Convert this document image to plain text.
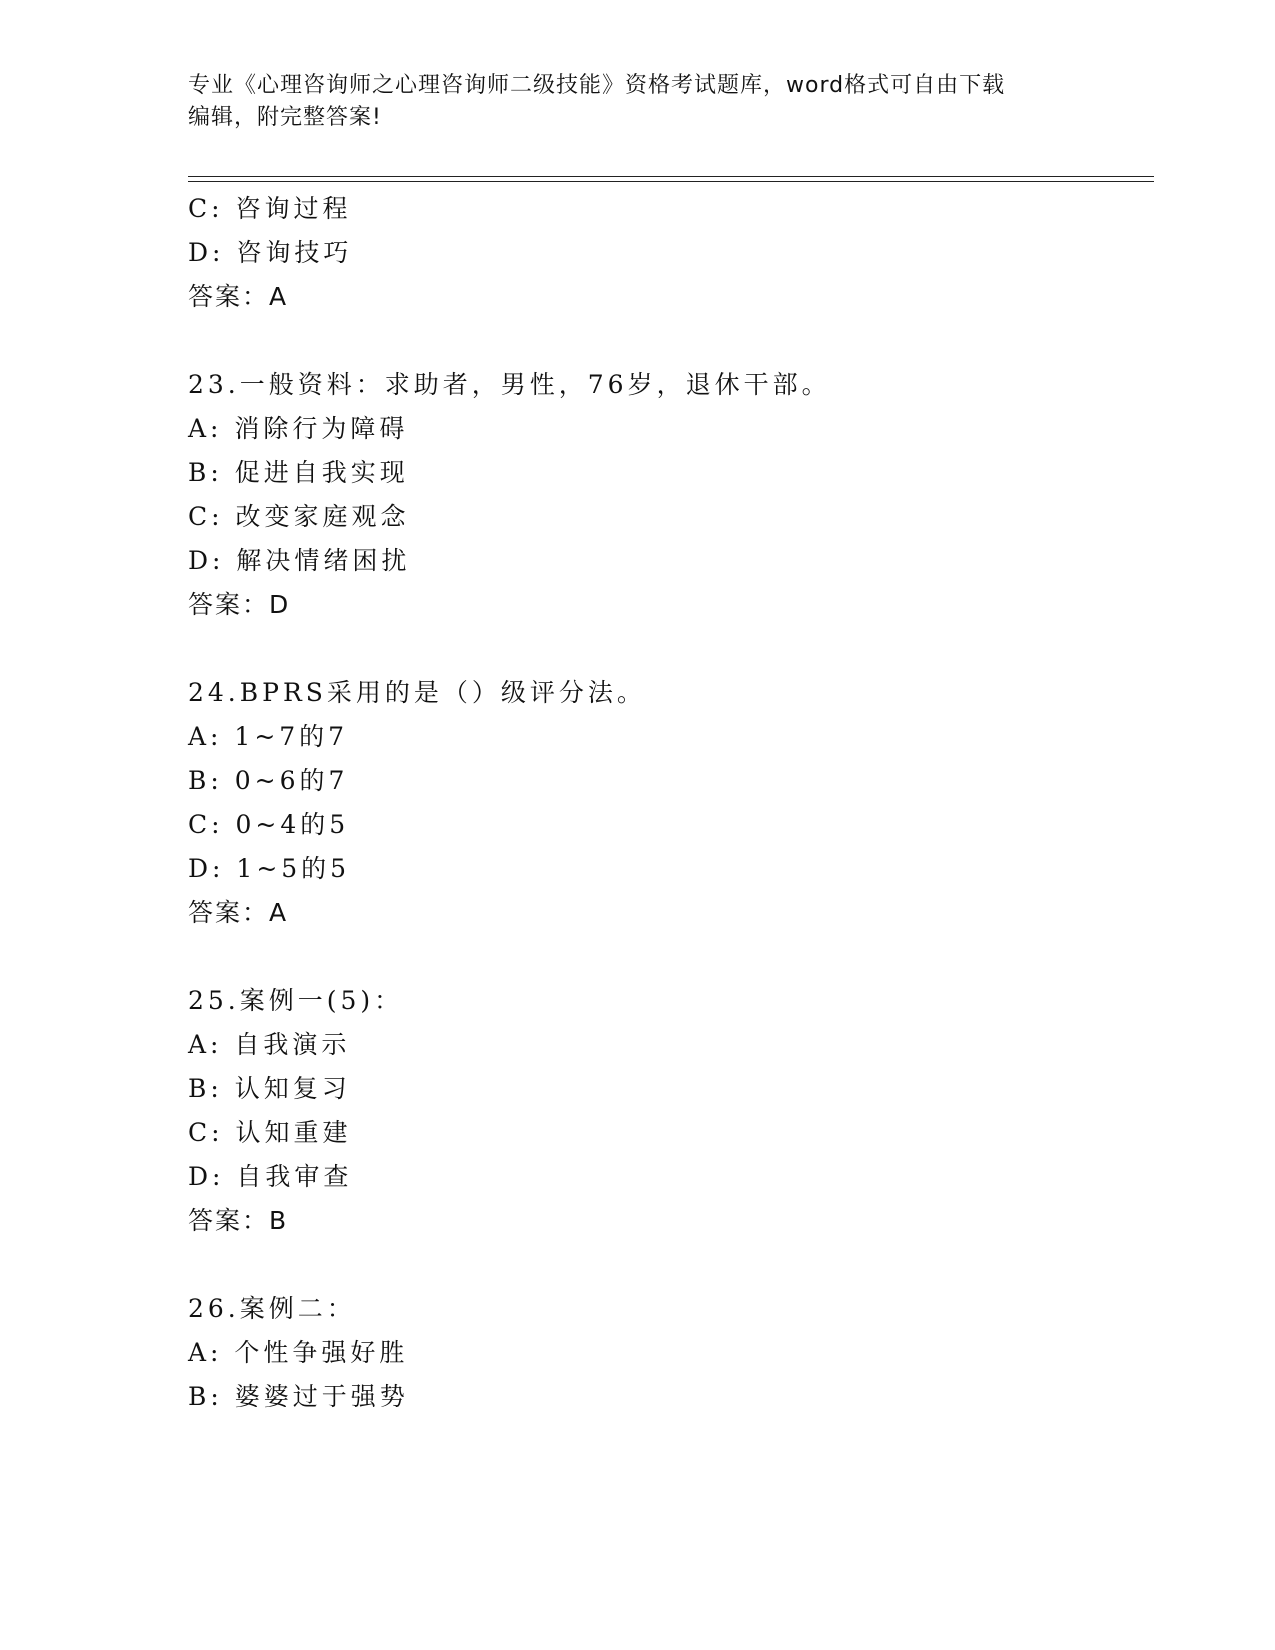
专业《心理咨询师之心理咨询师二级技能》资格考试题库，word格式可自由下载
编辑，附完整答案!
C: 咨询过程
D: 咨询技巧
答案：A
23.一般资料：求助者，男性，76岁，退休干部。
A: 消除行为障碍
B: 促进自我实现
C: 改变家庭观念
D: 解决情绪困扰
答案：D
24.BPRS采用的是（）级评分法。
A: 1~7的7
B: 0~6的7
C: 0~4的5
D: 1~5的5
答案：A
25.案例一(5)：
A: 自我演示
B: 认知复习
C: 认知重建
D: 自我审查
答案：B
26.案例二：
A: 个性争强好胜
B: 婆婆过于强势
